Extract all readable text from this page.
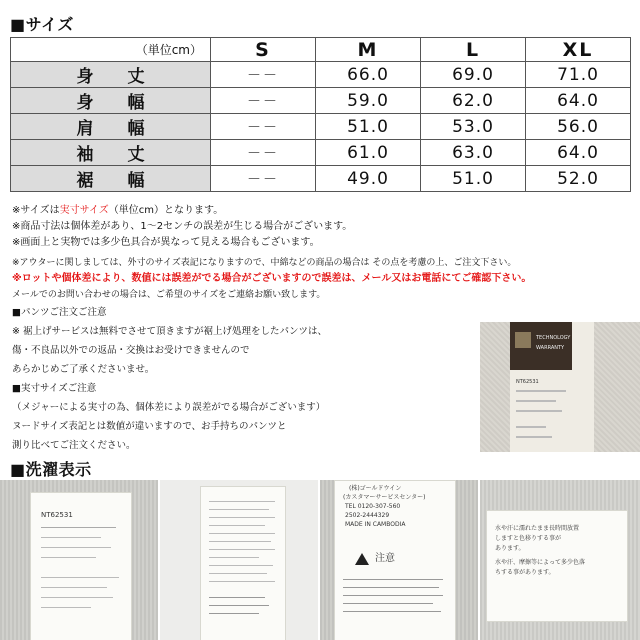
■サイズ
（単位cm）	S	M	L	XL
身丈	－－	66.0	69.0	71.0
身幅	－－	59.0	62.0	64.0
肩幅	－－	51.0	53.0	56.0
袖丈	－－	61.0	63.0	64.0
裾幅	－－	49.0	51.0	52.0

※サイズは実寸サイズ（単位cm）となります。

※商品寸法は個体差があり、1～2センチの誤差が生じる場合がございます。

※画面上と実物では多少色具合が異なって見える場合もございます。

※アウターに関しましては、外寸のサイズ表記になりますので、中綿などの商品の場合は その点を考慮の上、ご注文下さい。

※ロットや個体差により、数値には誤差がでる場合がございますので誤差は、メール又はお電話にてご確認下さい。

メールでのお問い合わせの場合は、ご希望のサイズをご連絡お願い致します。

■パンツご注文ご注意

※ 裾上げサービスは無料でさせて頂きますが裾上げ処理をしたパンツは、

傷・不良品以外での返品・交換はお受けできませんので

あらかじめご了承くださいませ。

■実寸サイズご注意

（メジャーによる実寸の為、個体差により誤差がでる場合がございます）

ヌードサイズ表記とは数値が違いますので、お手持ちのパンツと

測り比べてご注文ください。

TECHNOLOGY
WARRANTY
NT62531
■洗濯表示
NT62531
(株)ゴールドウイン
(カスタマーサービスセンター)
TEL 0120-307-560
2502-2444329
MADE IN CAMBODIA
注意
水や汗に濡れたまま長時間放置
しますと色移りする事が
あります。
水や汗、摩擦等によって多少色落
ちする事があります。
